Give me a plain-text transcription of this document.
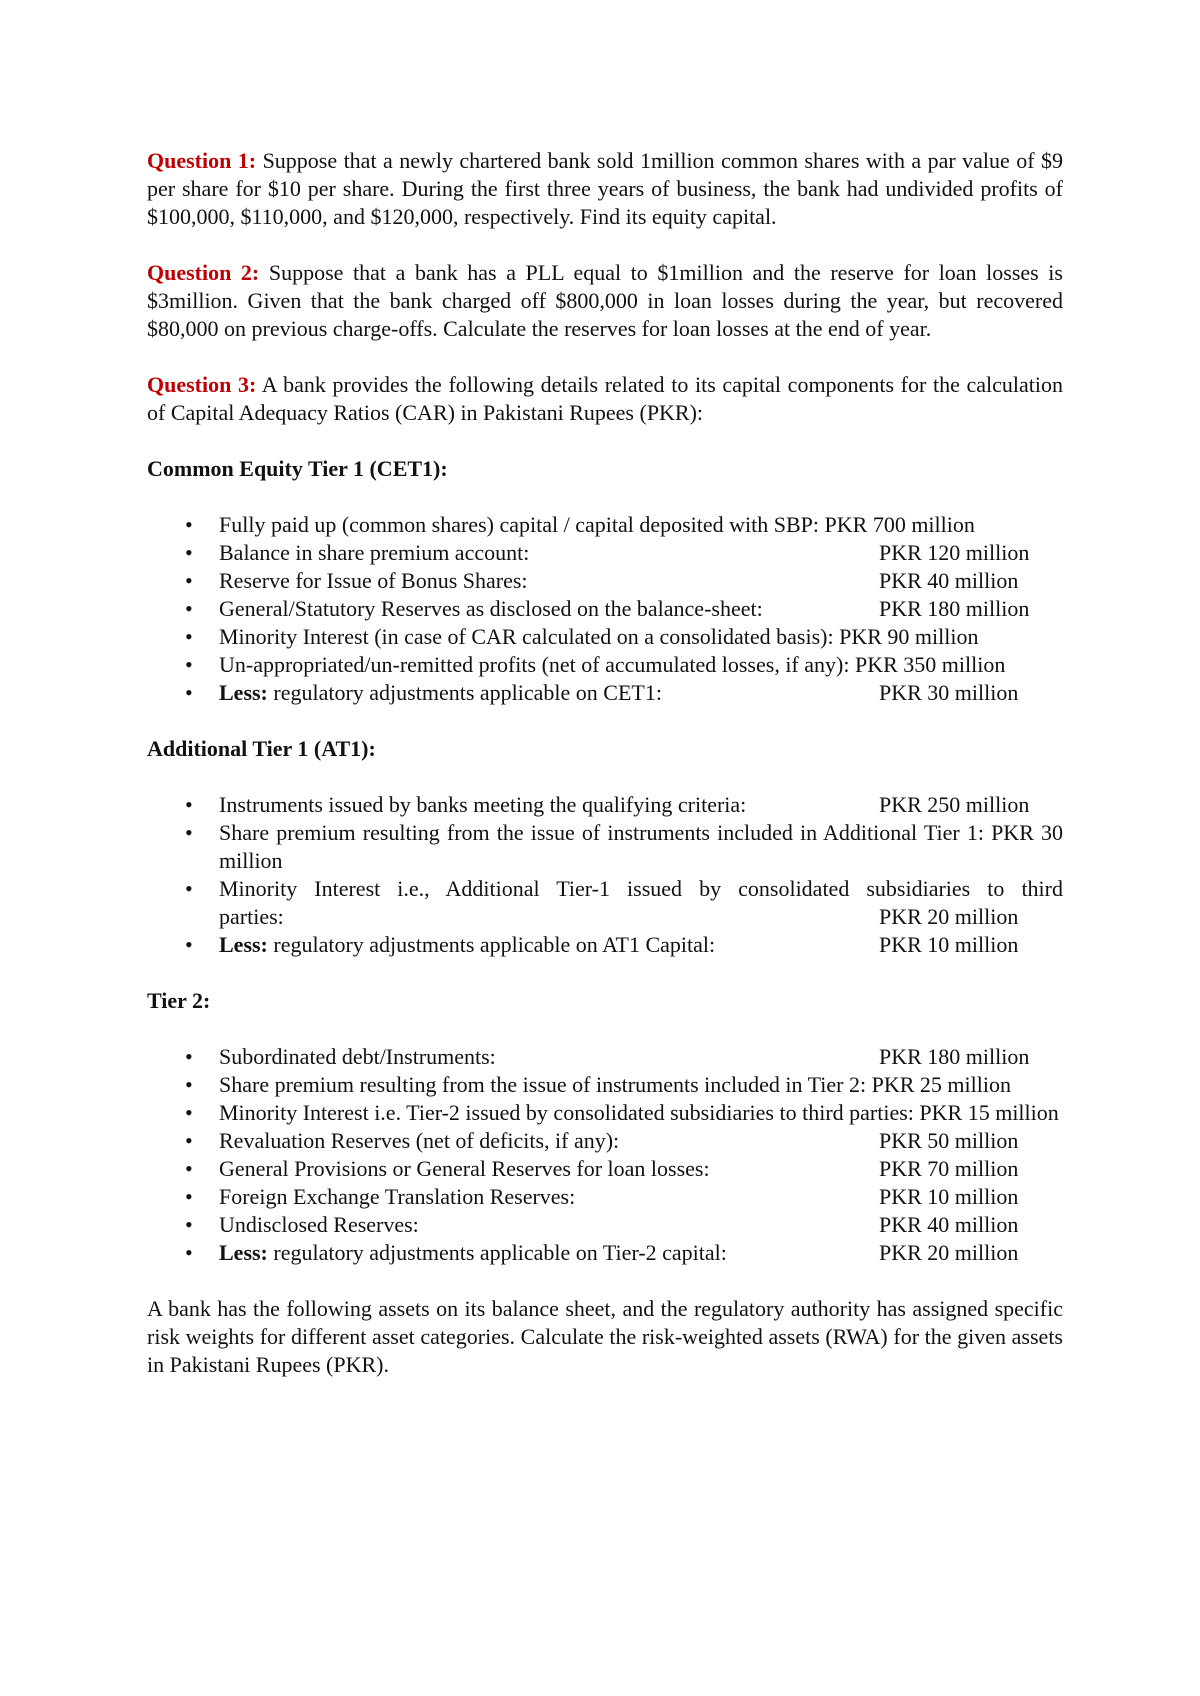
Question 1: Suppose that a newly chartered bank sold 1million common shares with a par value of $9 per share for $10 per share. During the first three years of business, the bank had undivided profits of $100,000, $110,000, and $120,000, respectively. Find its equity capital.

Question 2: Suppose that a bank has a PLL equal to $1million and the reserve for loan losses is $3million. Given that the bank charged off $800,000 in loan losses during the year, but recovered $80,000 on previous charge-offs. Calculate the reserves for loan losses at the end of year.

Question 3: A bank provides the following details related to its capital components for the calculation of Capital Adequacy Ratios (CAR) in Pakistani Rupees (PKR):

Common Equity Tier 1 (CET1):

• Fully paid up (common shares) capital / capital deposited with SBP: PKR 700 million
• Balance in share premium account:	PKR 120 million
• Reserve for Issue of Bonus Shares:	PKR 40 million
• General/Statutory Reserves as disclosed on the balance-sheet:	PKR 180 million
• Minority Interest (in case of CAR calculated on a consolidated basis): PKR 90 million
• Un-appropriated/un-remitted profits (net of accumulated losses, if any): PKR 350 million
• Less: regulatory adjustments applicable on CET1:	PKR 30 million

Additional Tier 1 (AT1):

• Instruments issued by banks meeting the qualifying criteria:	PKR 250 million
• Share premium resulting from the issue of instruments included in Additional Tier 1: PKR 30 million
• Minority Interest i.e., Additional Tier-1 issued by consolidated subsidiaries to third
parties:	PKR 20 million
• Less: regulatory adjustments applicable on AT1 Capital:	PKR 10 million

Tier 2:

• Subordinated debt/Instruments:	PKR 180 million
• Share premium resulting from the issue of instruments included in Tier 2: PKR 25 million
• Minority Interest i.e. Tier-2 issued by consolidated subsidiaries to third parties: PKR 15 million
• Revaluation Reserves (net of deficits, if any):	PKR 50 million
• General Provisions or General Reserves for loan losses:	PKR 70 million
• Foreign Exchange Translation Reserves:	PKR 10 million
• Undisclosed Reserves:	PKR 40 million
• Less: regulatory adjustments applicable on Tier-2 capital:	PKR 20 million

A bank has the following assets on its balance sheet, and the regulatory authority has assigned specific risk weights for different asset categories. Calculate the risk-weighted assets (RWA) for the given assets in Pakistani Rupees (PKR).
